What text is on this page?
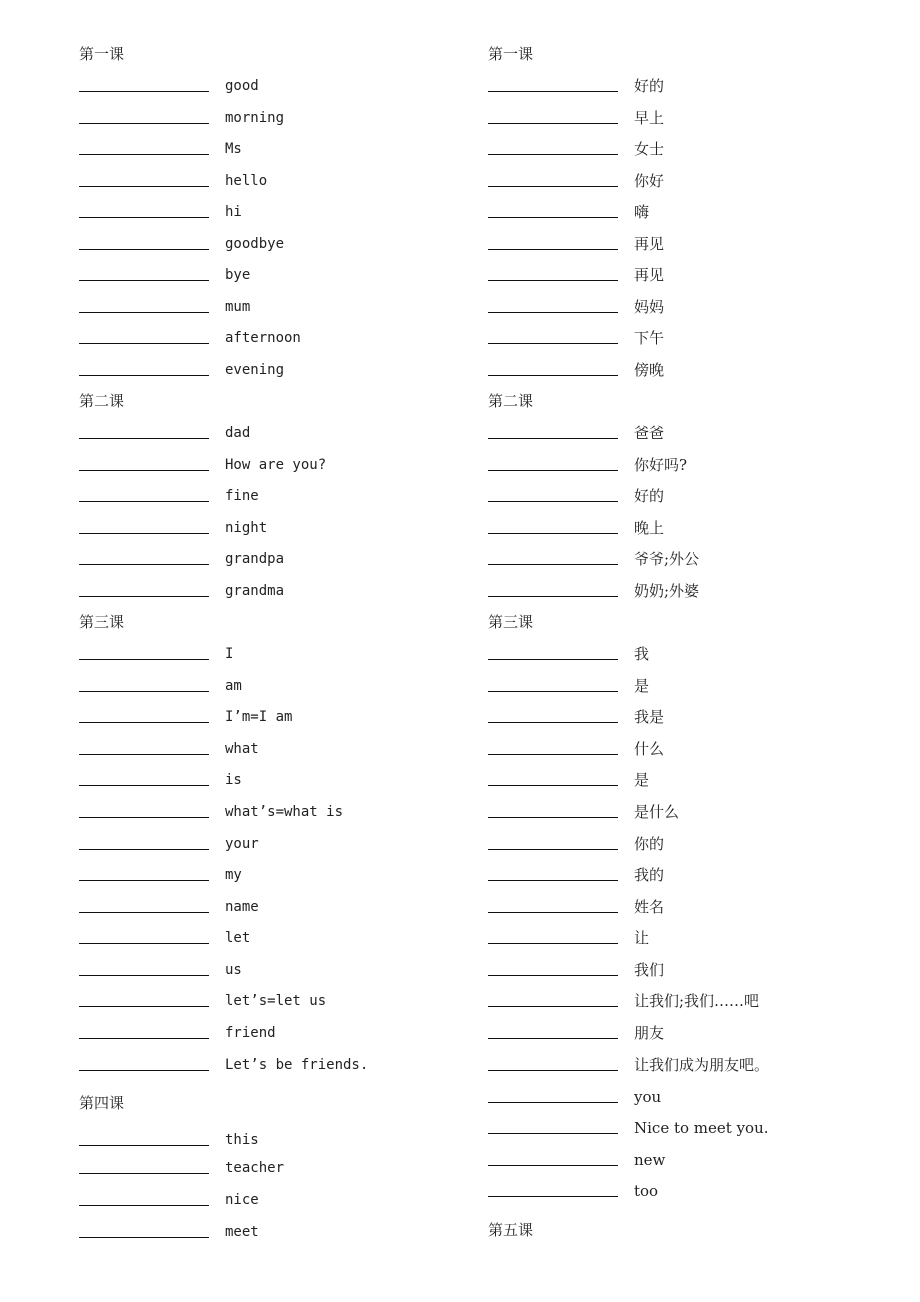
第一课
good
morning
Ms
hello
hi
goodbye
bye
mum
afternoon
evening
第二课
dad
How are you?
fine
night
grandpa
grandma
第三课
I
am
I’m=I am
what
is
what’s=what is
your
my
name
let
us
let’s=let us
friend
Let’s be friends.
第四课
this
teacher
nice
meet
第一课
好的
早上
女士
你好
嗨
再见
再见
妈妈
下午
傍晚
第二课
爸爸
你好吗?
好的
晚上
爷爷;外公
奶奶;外婆
第三课
我
是
我是
什么
是
是什么
你的
我的
姓名
让
我们
让我们;我们……吧
朋友
让我们成为朋友吧。
you
Nice to meet you.
new
too
第五课
